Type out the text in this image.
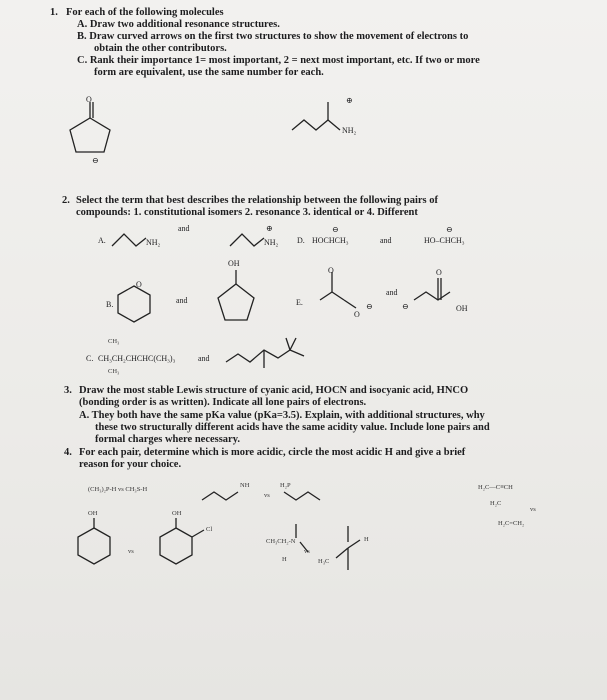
1. For each of the following molecules
A. Draw two additional resonance structures.
B. Draw curved arrows on the first two structures to show the movement of electrons to
obtain the other contributors.
C. Rank their importance 1= most important, 2 = next most important, etc. If two or more
form are equivalent, use the same number for each.
O
⊖
⊕
NH₂
2. Select the term that best describes the relationship between the following pairs of
compounds: 1. constitutional isomers 2. resonance 3. identical or 4. Different
A.	NH₂
and	⊕
NH₂ D.
⊖
HOCHCH₃	and
⊖
HO–CHCH₃
B.
O
and
OH
E.
O
O
⊖
and
⊖
O
OH
CH₃
C. CH₃CH₂CHCHC(CH₃)₃
CH₃
and
3. Draw the most stable Lewis structure of cyanic acid, HOCN and isocyanic acid, HNCO
(bonding order is as written). Indicate all lone pairs of electrons.
A. They both have the same pKa value (pKa=3.5). Explain, with additional structures, why
these two structurally different acids have the same acidity value. Include lone pairs and
formal charges where necessary.
4. For each pair, determine which is more acidic, circle the most acidic H and give a brief
reason for your choice.
(CH₃)₂P-H vs CH₃S-H
NH
vs
H₂P	H₂C—C≡CH
H₂C
vs
H₂C=CH₂
OH
vs
OH
Cl
CH₃CH₂-N
vs
H	H₃C
H
